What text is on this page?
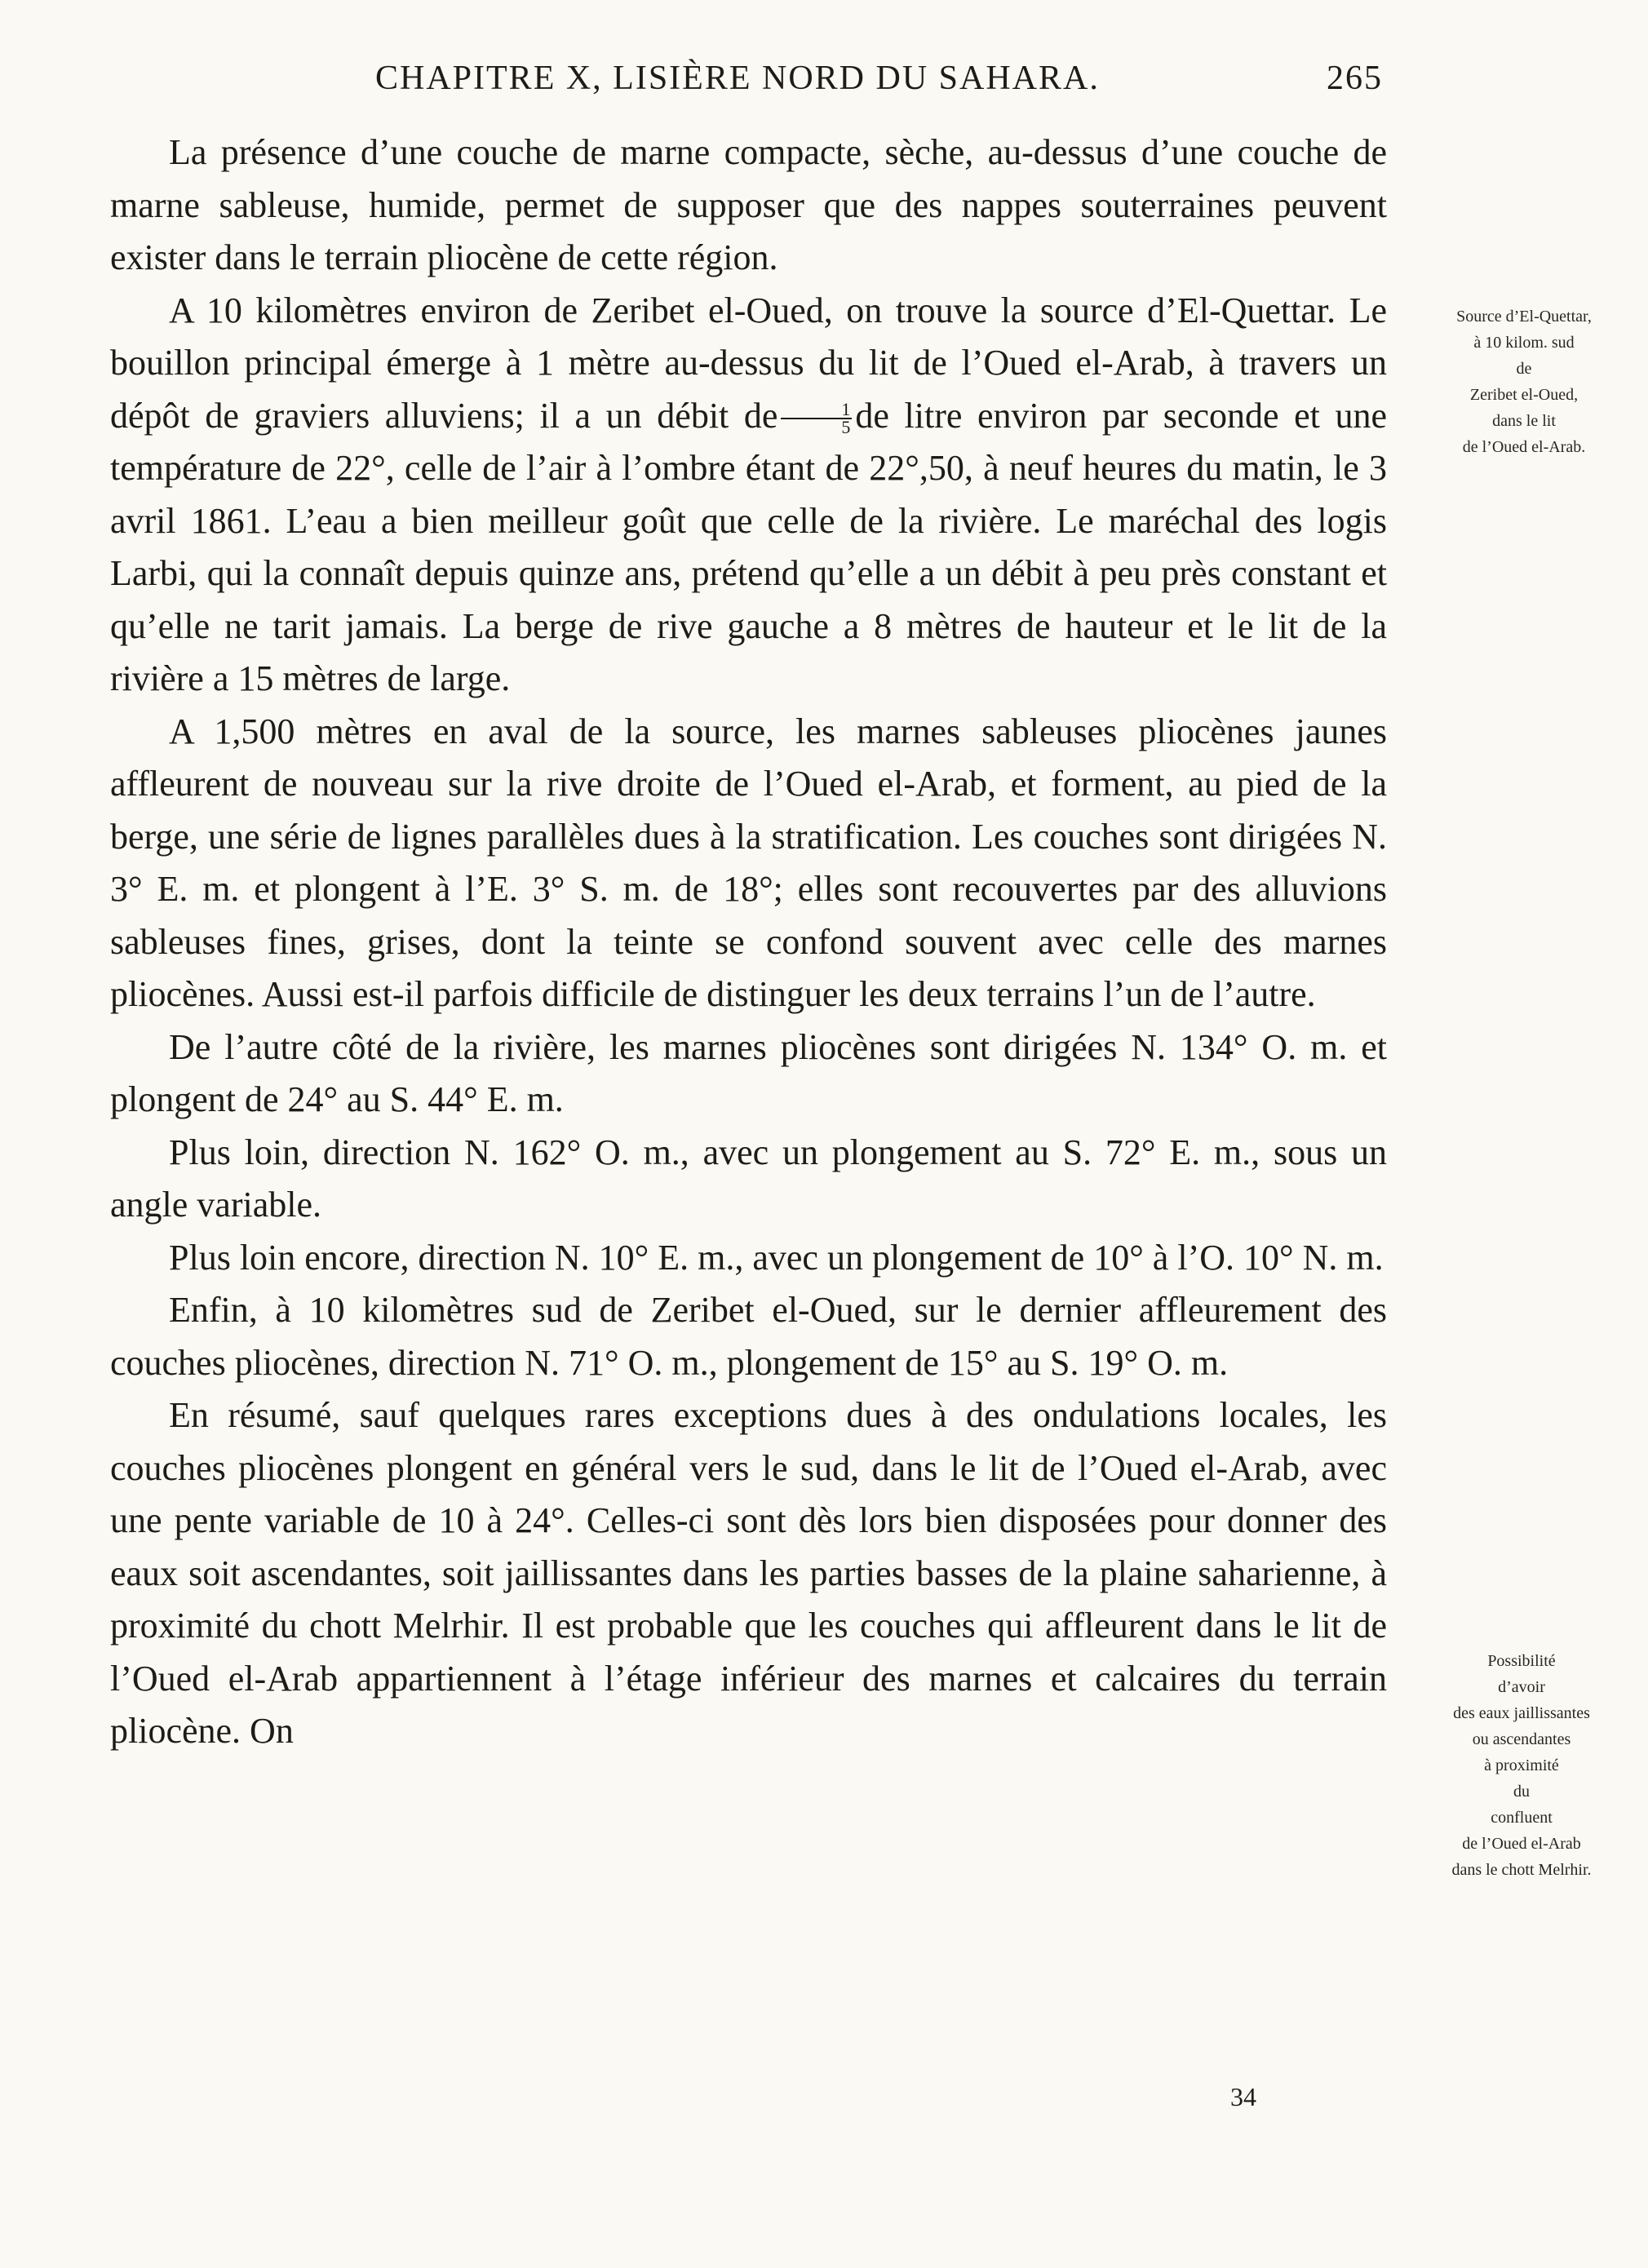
CHAPITRE X, LISIÈRE NORD DU SAHARA.	265

La présence d’une couche de marne compacte, sèche, au-dessus d’une couche de marne sableuse, humide, permet de supposer que des nappes souterraines peuvent exister dans le terrain pliocène de cette région.

A 10 kilomètres environ de Zeribet el-Oued, on trouve la source d’El-Quettar. Le bouillon principal émerge à 1 mètre au-dessus du lit de l’Oued el-Arab, à travers un dépôt de graviers alluviens; il a un débit de $\frac{1}{5}$ de litre environ par seconde et une température de 22°, celle de l’air à l’ombre étant de 22°,50, à neuf heures du matin, le 3 avril 1861. L’eau a bien meilleur goût que celle de la rivière. Le maréchal des logis Larbi, qui la connaît depuis quinze ans, prétend qu’elle a un débit à peu près constant et qu’elle ne tarit jamais. La berge de rive gauche a 8 mètres de hauteur et le lit de la rivière a 15 mètres de large.

A 1,500 mètres en aval de la source, les marnes sableuses pliocènes jaunes affleurent de nouveau sur la rive droite de l’Oued el-Arab, et forment, au pied de la berge, une série de lignes parallèles dues à la stratification. Les couches sont dirigées N. 3° E. m. et plongent à l’E. 3° S. m. de 18°; elles sont recouvertes par des alluvions sableuses fines, grises, dont la teinte se confond souvent avec celle des marnes pliocènes. Aussi est-il parfois difficile de distinguer les deux terrains l’un de l’autre.

De l’autre côté de la rivière, les marnes pliocènes sont dirigées N. 134° O. m. et plongent de 24° au S. 44° E. m.

Plus loin, direction N. 162° O. m., avec un plongement au S. 72° E. m., sous un angle variable.

Plus loin encore, direction N. 10° E. m., avec un plongement de 10° à l’O. 10° N. m.

Enfin, à 10 kilomètres sud de Zeribet el-Oued, sur le dernier affleurement des couches pliocènes, direction N. 71° O. m., plongement de 15° au S. 19° O. m.

En résumé, sauf quelques rares exceptions dues à des ondulations locales, les couches pliocènes plongent en général vers le sud, dans le lit de l’Oued el-Arab, avec une pente variable de 10 à 24°. Celles-ci sont dès lors bien disposées pour donner des eaux soit ascendantes, soit jaillissantes dans les parties basses de la plaine saharienne, à proximité du chott Melrhir. Il est probable que les couches qui affleurent dans le lit de l’Oued el-Arab appartiennent à l’étage inférieur des marnes et calcaires du terrain pliocène. On

Source d’El-Quettar,

à 10 kilom. sud

de

Zeribet el-Oued,

dans le lit

de l’Oued el-Arab.

Possibilité

d’avoir

des eaux jaillissantes

ou ascendantes

à proximité

du

confluent

de l’Oued el-Arab

dans le chott Melrhir.

34
